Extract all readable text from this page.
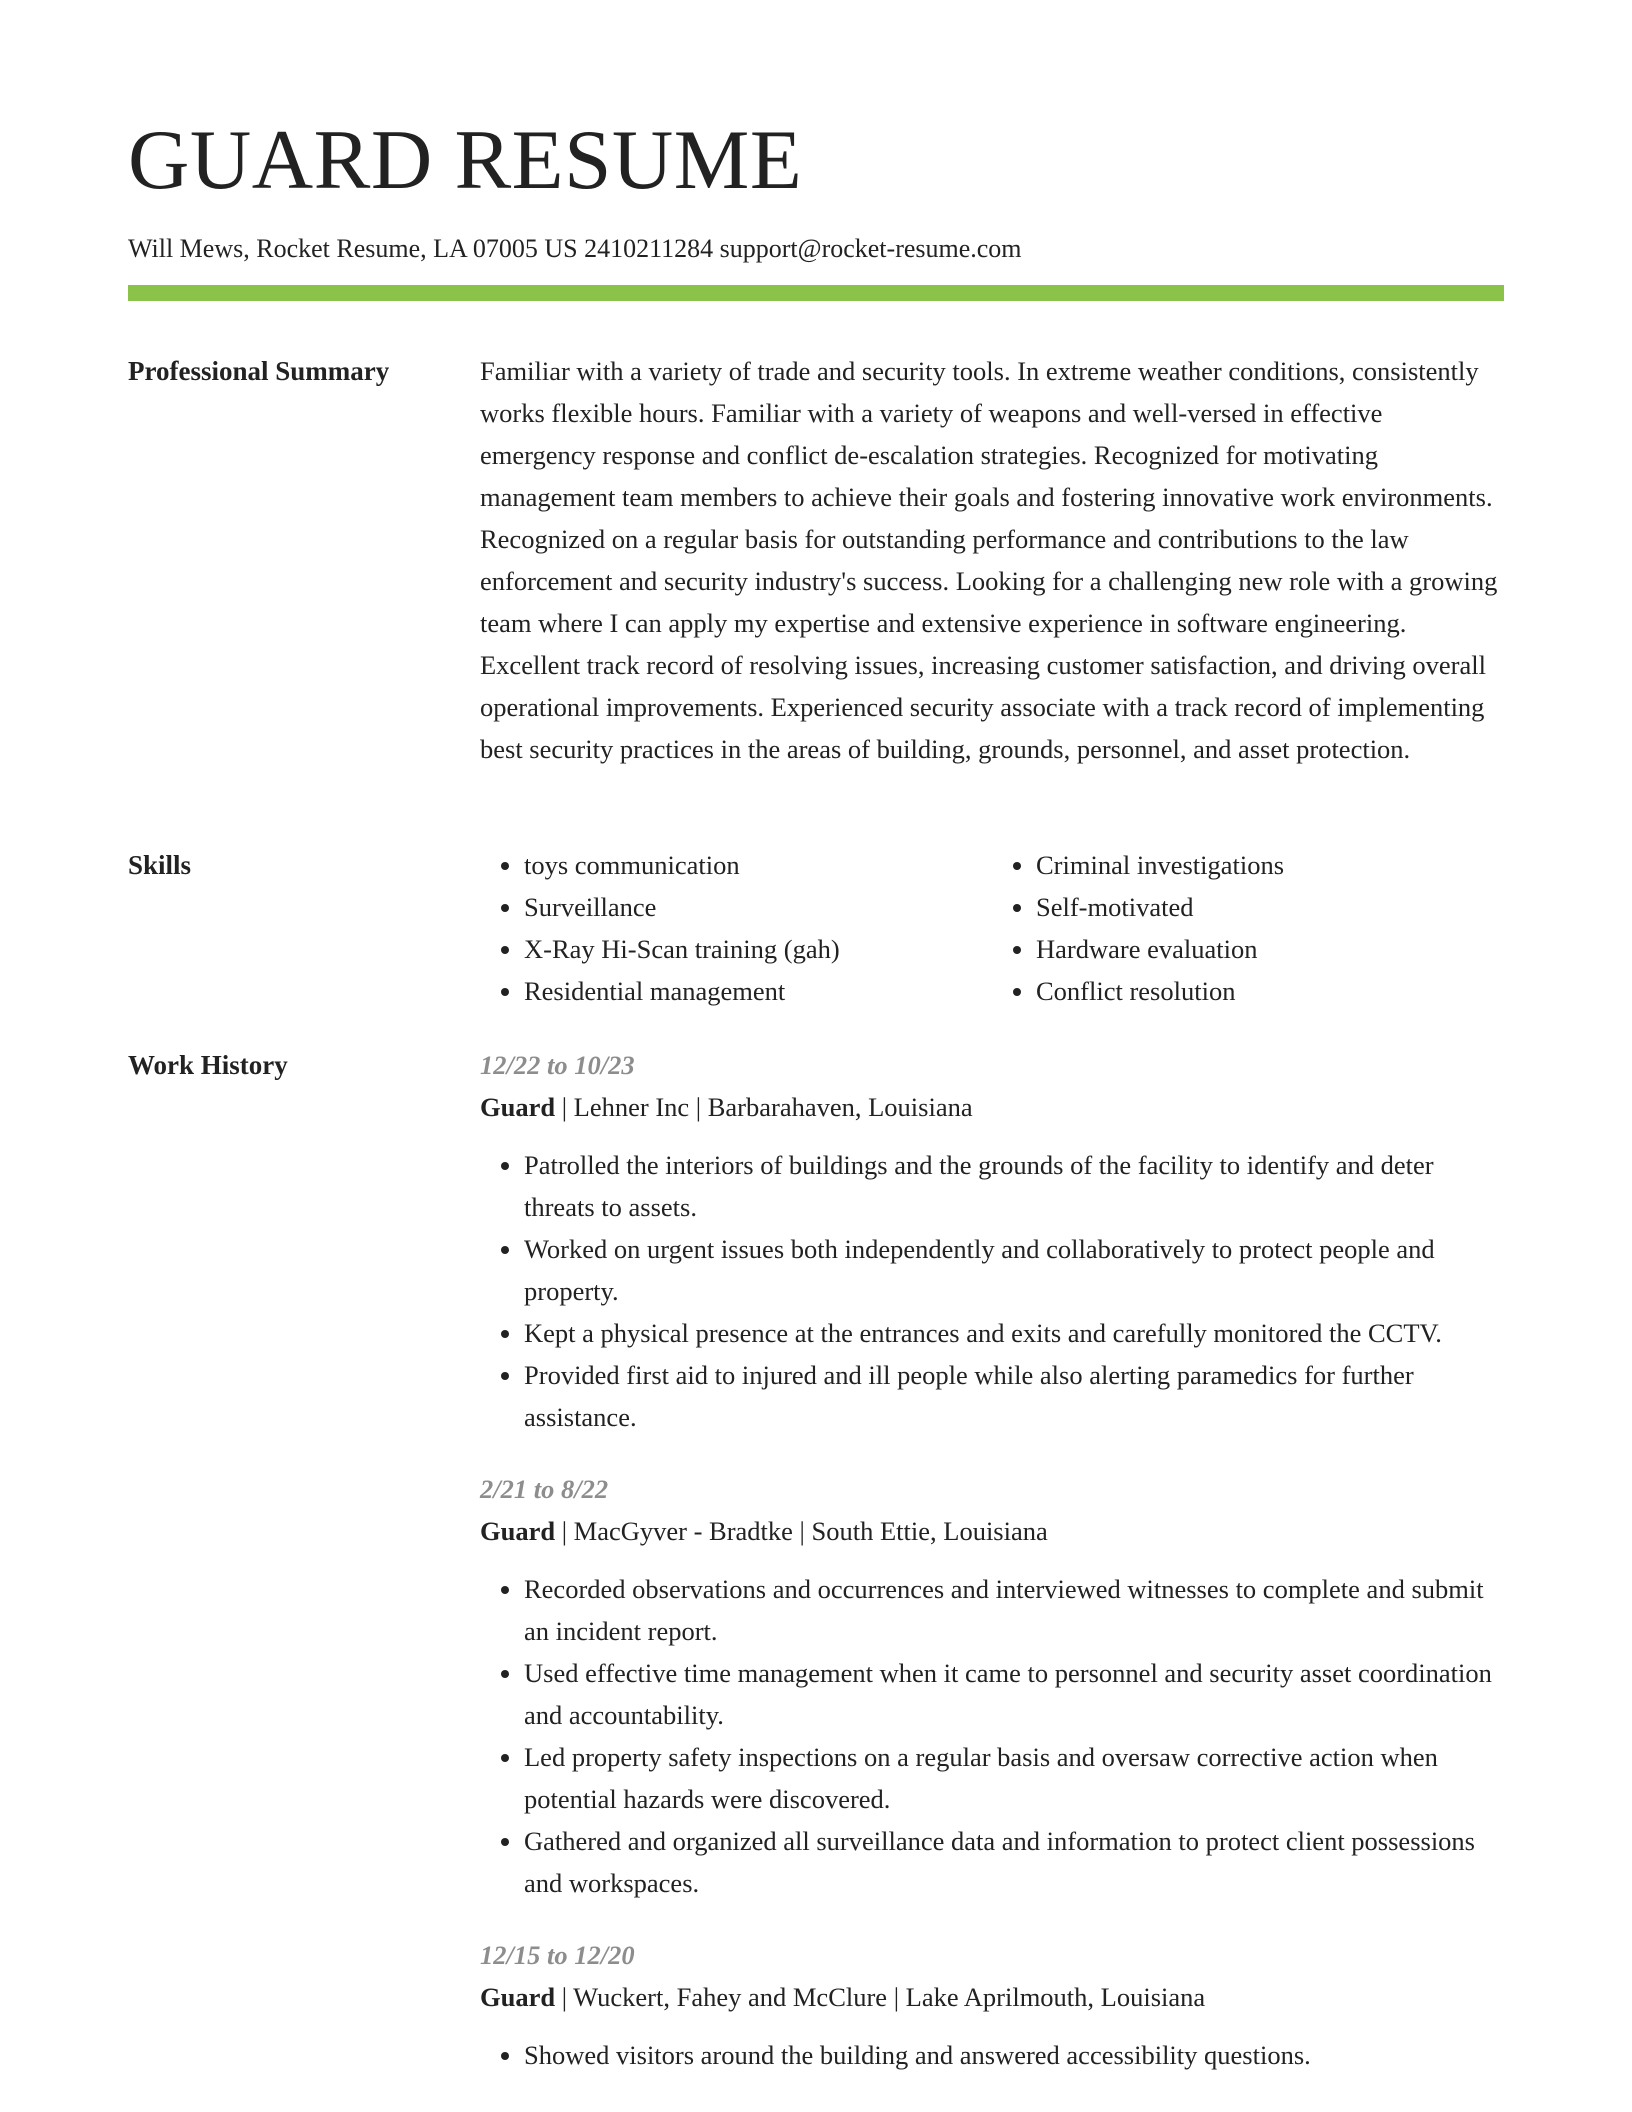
GUARD RESUME
Will Mews, Rocket Resume, LA 07005 US 2410211284 support@rocket-resume.com
Professional Summary	Familiar with a variety of trade and security tools. In extreme weather conditions, consistently works flexible hours. Familiar with a variety of weapons and well-versed in effective emergency response and conflict de-escalation strategies. Recognized for motivating management team members to achieve their goals and fostering innovative work environments. Recognized on a regular basis for outstanding performance and contributions to the law enforcement and security industry's success. Looking for a challenging new role with a growing team where I can apply my expertise and extensive experience in software engineering. Excellent track record of resolving issues, increasing customer satisfaction, and driving overall operational improvements. Experienced security associate with a track record of implementing best security practices in the areas of building, grounds, personnel, and asset protection.

Skills
•	toys communication
• Surveillance
• X-Ray Hi-Scan training (gah)
• Residential management
• Criminal investigations
• Self-motivated
• Hardware evaluation
• Conflict resolution
Work History	12/22 to 10/23
Guard | Lehner Inc | Barbarahaven, Louisiana
• Patrolled the interiors of buildings and the grounds of the facility to identify and deter threats to assets.
• Worked on urgent issues both independently and collaboratively to protect people and property.
• Kept a physical presence at the entrances and exits and carefully monitored the CCTV.
• Provided first aid to injured and ill people while also alerting paramedics for further assistance.
2/21 to 8/22
Guard | MacGyver - Bradtke | South Ettie, Louisiana
• Recorded observations and occurrences and interviewed witnesses to complete and submit an incident report.
• Used effective time management when it came to personnel and security asset coordination and accountability.
• Led property safety inspections on a regular basis and oversaw corrective action when potential hazards were discovered.
• Gathered and organized all surveillance data and information to protect client possessions and workspaces.
12/15 to 12/20
Guard | Wuckert, Fahey and McClure | Lake Aprilmouth, Louisiana
• Showed visitors around the building and answered accessibility questions.
